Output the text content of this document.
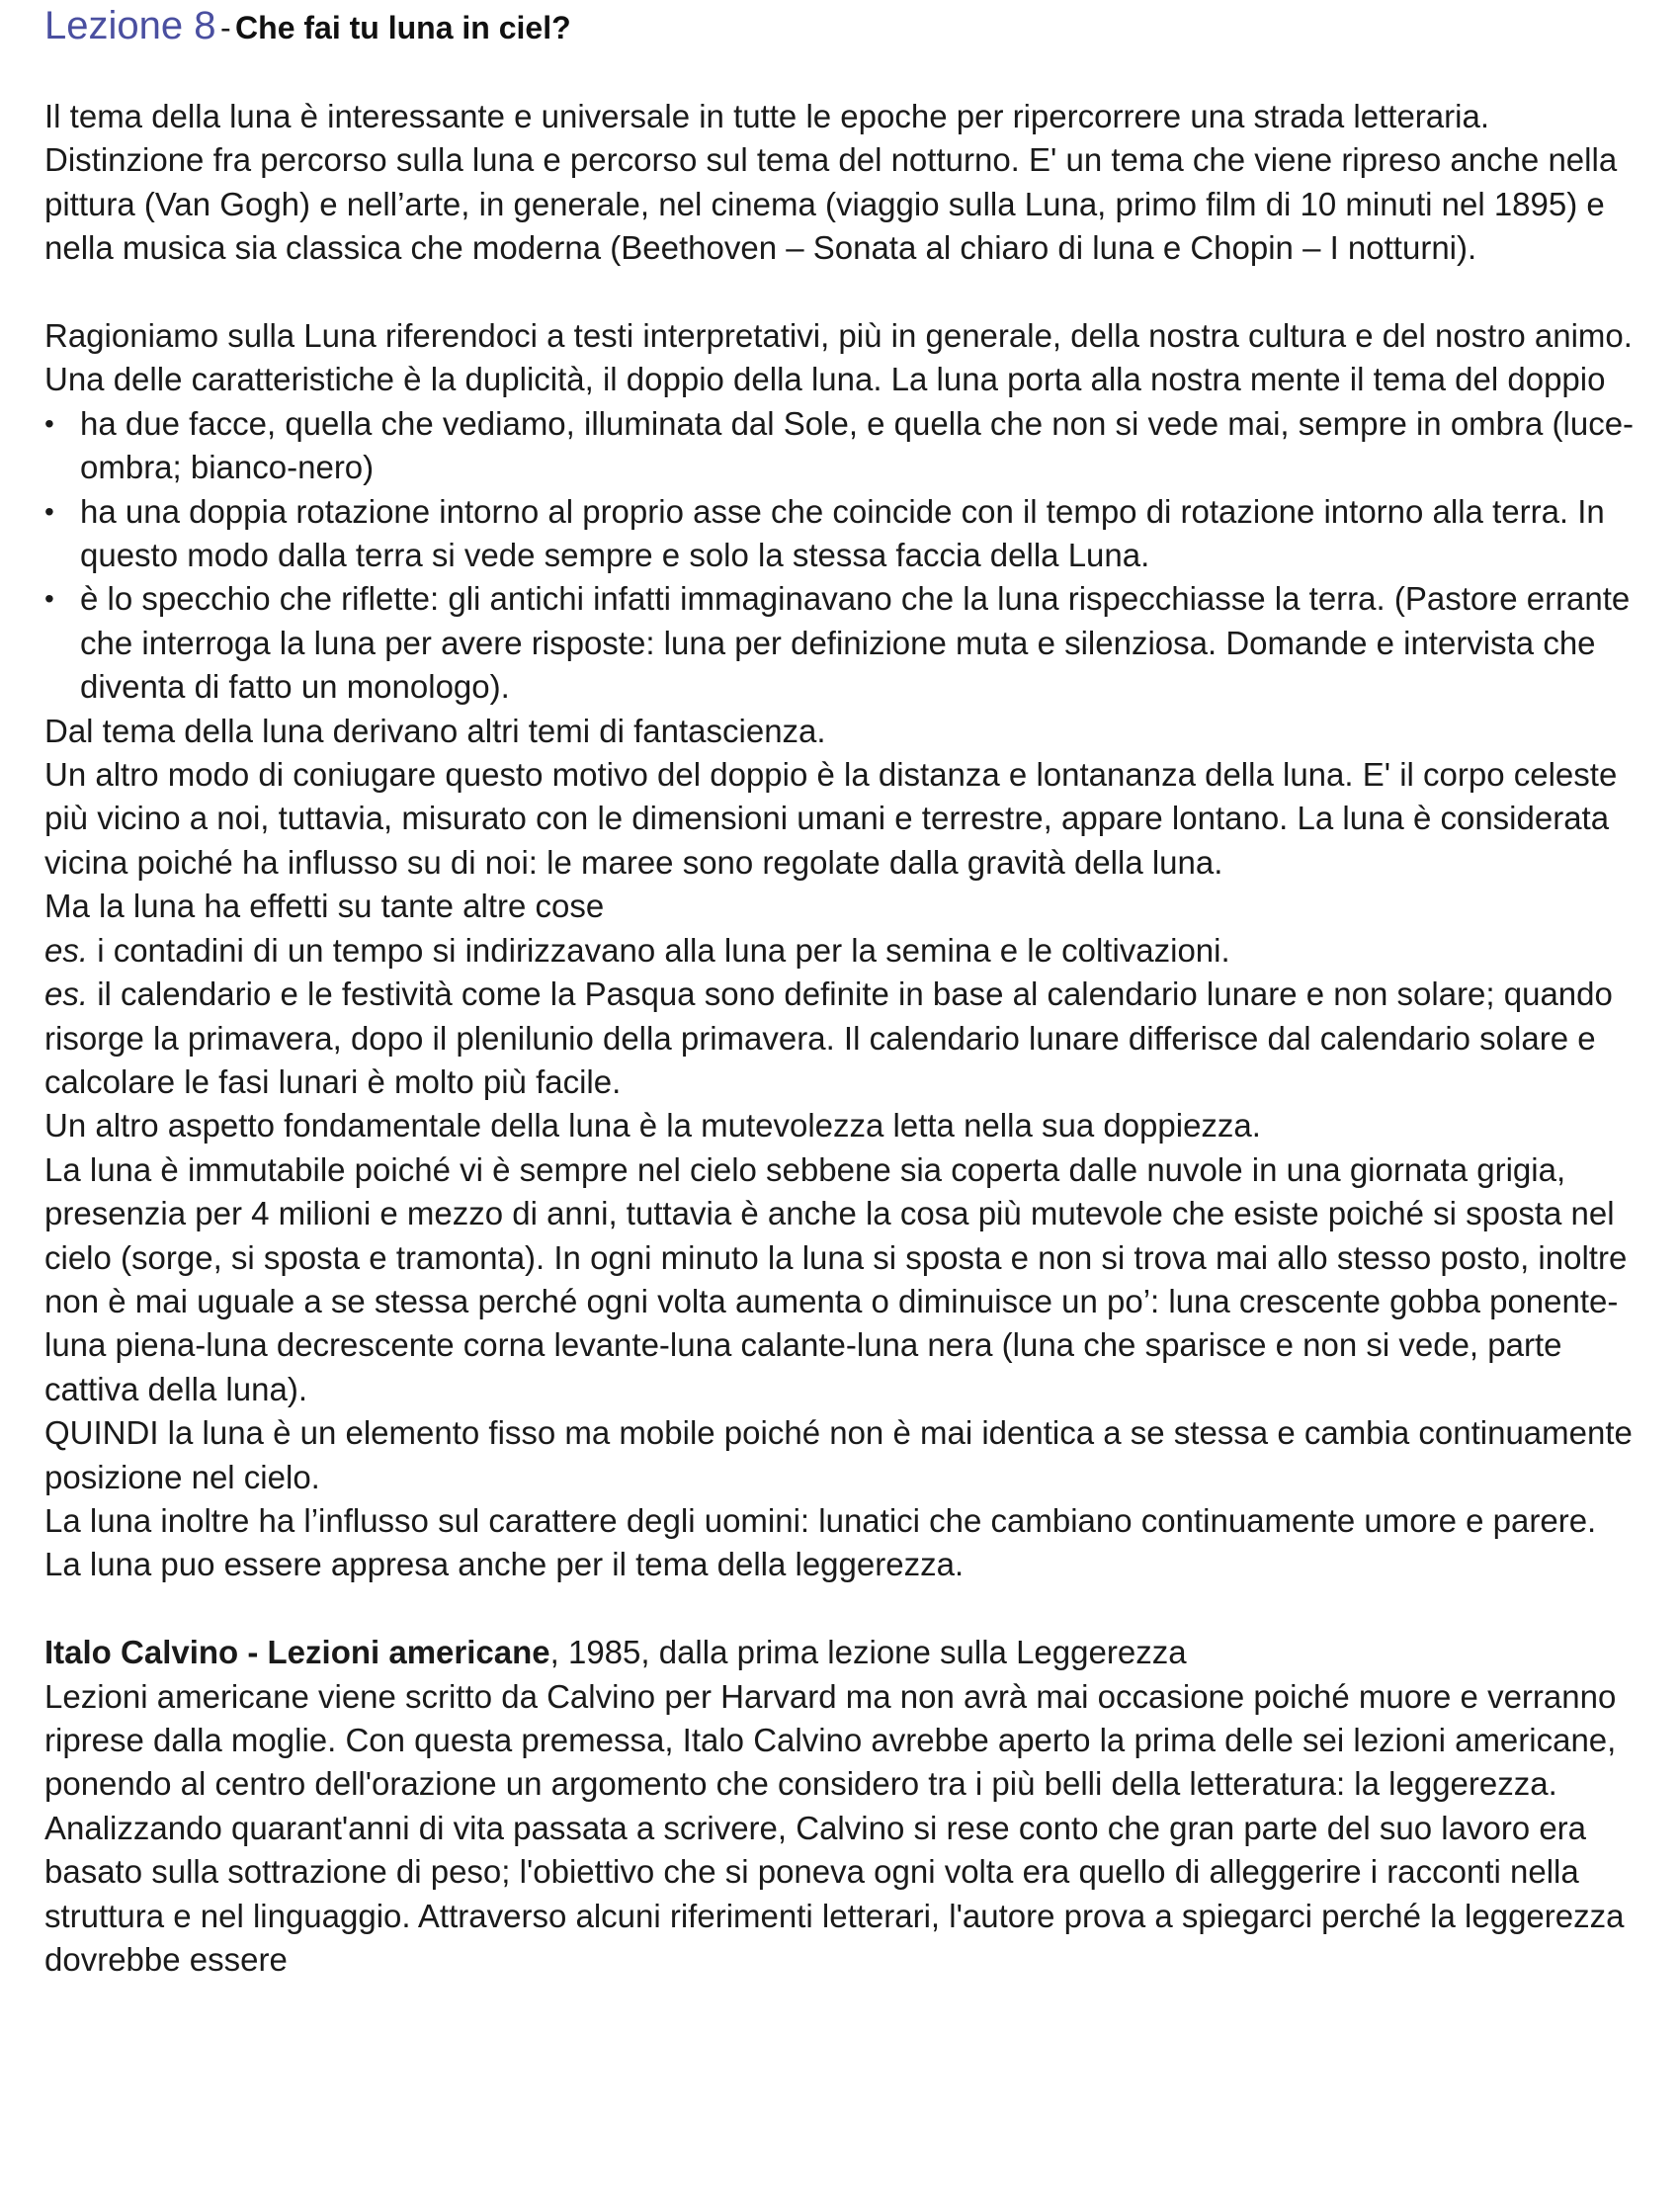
Lezione 8 - Che fai tu luna in ciel?

Il tema della luna è interessante e universale in tutte le epoche per ripercorrere una strada letteraria. Distinzione fra percorso sulla luna e percorso sul tema del notturno. E' un tema che viene ripreso anche nella pittura (Van Gogh) e nell’arte, in generale, nel cinema (viaggio sulla Luna, primo film di 10 minuti nel 1895) e nella musica sia classica che moderna (Beethoven – Sonata al chiaro di luna e Chopin – I notturni).

Ragioniamo sulla Luna riferendoci a testi interpretativi, più in generale, della nostra cultura e del nostro animo.

Una delle caratteristiche è la duplicità, il doppio della luna. La luna porta alla nostra mente il tema del doppio

• ha due facce, quella che vediamo, illuminata dal Sole, e quella che non si vede mai, sempre in ombra (luce-ombra; bianco-nero)
• ha una doppia rotazione intorno al proprio asse che coincide con il tempo di rotazione intorno alla terra. In questo modo dalla terra si vede sempre e solo la stessa faccia della Luna.
• è lo specchio che riflette: gli antichi infatti immaginavano che la luna rispecchiasse la terra. (Pastore errante che interroga la luna per avere risposte: luna per definizione muta e silenziosa. Domande e intervista che diventa di fatto un monologo).

Dal tema della luna derivano altri temi di fantascienza.

Un altro modo di coniugare questo motivo del doppio è la distanza e lontananza della luna. E' il corpo celeste più vicino a noi, tuttavia, misurato con le dimensioni umani e terrestre, appare lontano. La luna è considerata vicina poiché ha influsso su di noi: le maree sono regolate dalla gravità della luna.

Ma la luna ha effetti su tante altre cose

es. i contadini di un tempo si indirizzavano alla luna per la semina e le coltivazioni.

es. il calendario e le festività come la Pasqua sono definite in base al calendario lunare e non solare; quando risorge la primavera, dopo il plenilunio della primavera. Il calendario lunare differisce dal calendario solare e calcolare le fasi lunari è molto più facile.

Un altro aspetto fondamentale della luna è la mutevolezza letta nella sua doppiezza.

La luna è immutabile poiché vi è sempre nel cielo sebbene sia coperta dalle nuvole in una giornata grigia, presenzia per 4 milioni e mezzo di anni, tuttavia è anche la cosa più mutevole che esiste poiché si sposta nel cielo (sorge, si sposta e tramonta). In ogni minuto la luna si sposta e non si trova mai allo stesso posto, inoltre non è mai uguale a se stessa perché ogni volta aumenta o diminuisce un po’: luna crescente gobba ponente-luna piena-luna decrescente corna levante-luna calante-luna nera (luna che sparisce e non si vede, parte cattiva della luna).

QUINDI la luna è un elemento fisso ma mobile poiché non è mai identica a se stessa e cambia continuamente posizione nel cielo.

La luna inoltre ha l’influsso sul carattere degli uomini: lunatici che cambiano continuamente umore e parere.

La luna puo essere appresa anche per il tema della leggerezza.

Italo Calvino - Lezioni americane, 1985, dalla prima lezione sulla Leggerezza

Lezioni americane viene scritto da Calvino per Harvard ma non avrà mai occasione poiché muore e verranno riprese dalla moglie. Con questa premessa, Italo Calvino avrebbe aperto la prima delle sei lezioni americane, ponendo al centro dell'orazione un argomento che considero tra i più belli della letteratura: la leggerezza. Analizzando quarant'anni di vita passata a scrivere, Calvino si rese conto che gran parte del suo lavoro era basato sulla sottrazione di peso; l'obiettivo che si poneva ogni volta era quello di alleggerire i racconti nella struttura e nel linguaggio. Attraverso alcuni riferimenti letterari, l'autore prova a spiegarci perché la leggerezza dovrebbe essere
